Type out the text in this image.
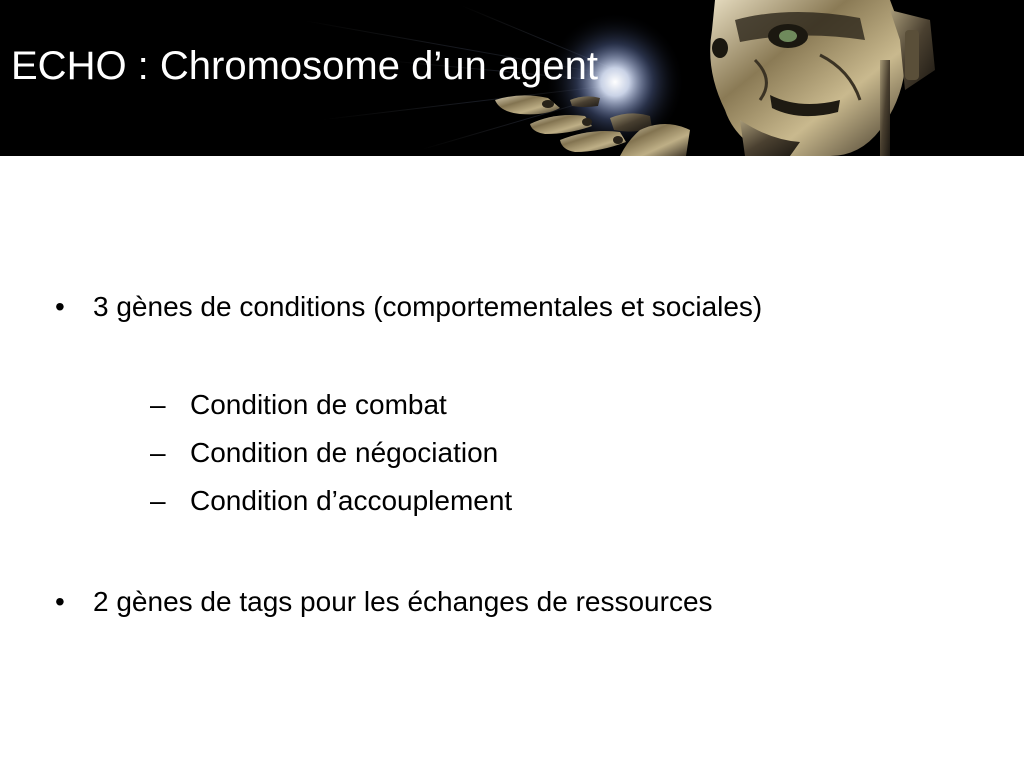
ECHO : Chromosome d’un agent
• 3 gènes de conditions (comportementales et sociales)
– Condition de combat
– Condition de négociation
– Condition d’accouplement
• 2 gènes de tags pour les échanges de ressources
